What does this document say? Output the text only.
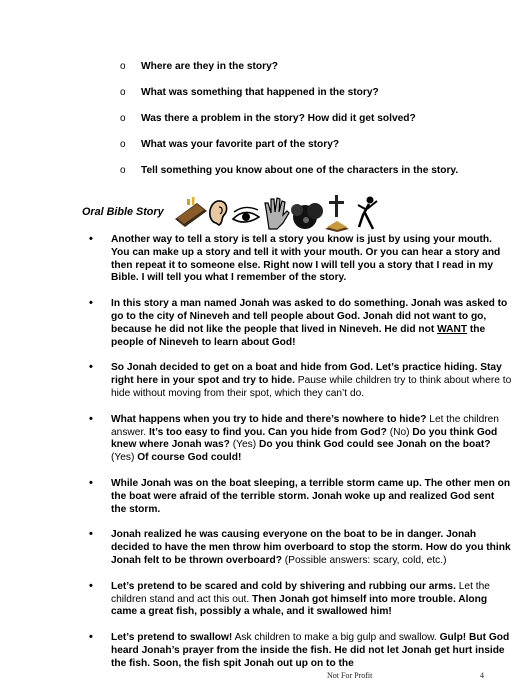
o Where are they in the story?
o What was something that happened in the story?
o Was there a problem in the story? How did it get solved?
o What was your favorite part of the story?
o Tell something you know about one of the characters in the story.
Oral Bible Story
• Another way to tell a story is tell a story you know is just by using your mouth. You can make up a story and tell it with your mouth. Or you can hear a story and then repeat it to someone else. Right now I will tell you a story that I read in my Bible. I will tell you what I remember of the story.
• In this story a man named Jonah was asked to do something. Jonah was asked to go to the city of Nineveh and tell people about God. Jonah did not want to go, because he did not like the people that lived in Nineveh. He did not WANT the people of Nineveh to learn about God!
• So Jonah decided to get on a boat and hide from God. Let’s practice hiding. Stay right here in your spot and try to hide. Pause while children try to think about where to hide without moving from their spot, which they can’t do.
• What happens when you try to hide and there’s nowhere to hide? Let the children answer. It’s too easy to find you. Can you hide from God? (No) Do you think God knew where Jonah was? (Yes) Do you think God could see Jonah on the boat? (Yes) Of course God could!
• While Jonah was on the boat sleeping, a terrible storm came up. The other men on the boat were afraid of the terrible storm. Jonah woke up and realized God sent the storm.
• Jonah realized he was causing everyone on the boat to be in danger. Jonah decided to have the men throw him overboard to stop the storm. How do you think Jonah felt to be thrown overboard? (Possible answers: scary, cold, etc.)
• Let’s pretend to be scared and cold by shivering and rubbing our arms. Let the children stand and act this out. Then Jonah got himself into more trouble. Along came a great fish, possibly a whale, and it swallowed him!
• Let’s pretend to swallow! Ask children to make a big gulp and swallow. Gulp! But God heard Jonah’s prayer from the inside the fish. He did not let Jonah get hurt inside the fish. Soon, the fish spit Jonah out up on to the
Not For Profit	4
